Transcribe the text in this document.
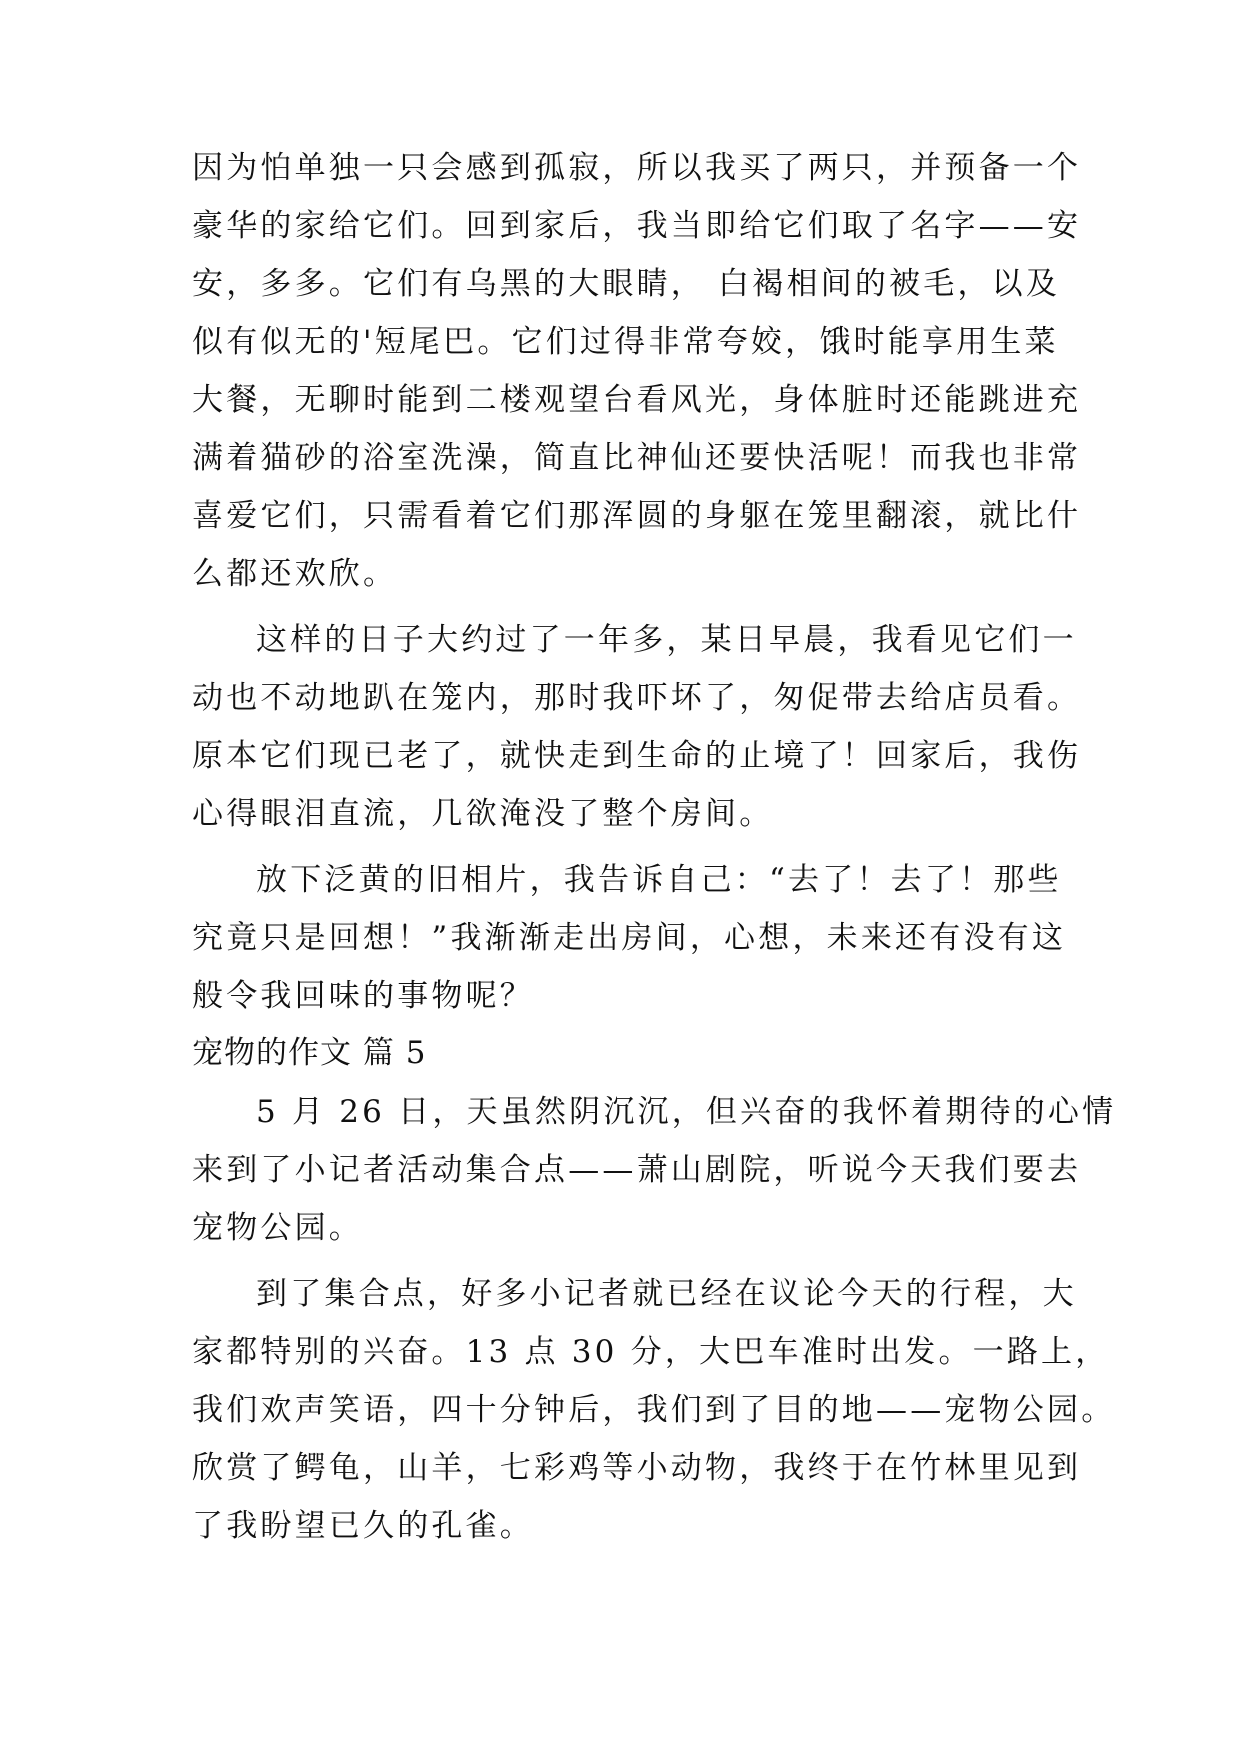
因为怕单独一只会感到孤寂，所以我买了两只，并预备一个
豪华的家给它们。回到家后，我当即给它们取了名字——安
安，多多。它们有乌黑的大眼睛， 白褐相间的被毛，以及
似有似无的'短尾巴。它们过得非常夸姣，饿时能享用生菜
大餐，无聊时能到二楼观望台看风光，身体脏时还能跳进充
满着猫砂的浴室洗澡，简直比神仙还要快活呢！而我也非常
喜爱它们，只需看着它们那浑圆的身躯在笼里翻滚，就比什
么都还欢欣。
这样的日子大约过了一年多，某日早晨，我看见它们一
动也不动地趴在笼内，那时我吓坏了，匆促带去给店员看。
原本它们现已老了，就快走到生命的止境了！回家后，我伤
心得眼泪直流，几欲淹没了整个房间。
放下泛黄的旧相片，我告诉自己：“去了！去了！那些
究竟只是回想！”我渐渐走出房间，心想，未来还有没有这
般令我回味的事物呢？
宠物的作文 篇 5
5 月 26 日，天虽然阴沉沉，但兴奋的我怀着期待的心情
来到了小记者活动集合点——萧山剧院，听说今天我们要去
宠物公园。
到了集合点，好多小记者就已经在议论今天的行程，大
家都特别的兴奋。13 点 30 分，大巴车准时出发。一路上，
我们欢声笑语，四十分钟后，我们到了目的地——宠物公园。
欣赏了鳄龟，山羊，七彩鸡等小动物，我终于在竹林里见到
了我盼望已久的孔雀。
